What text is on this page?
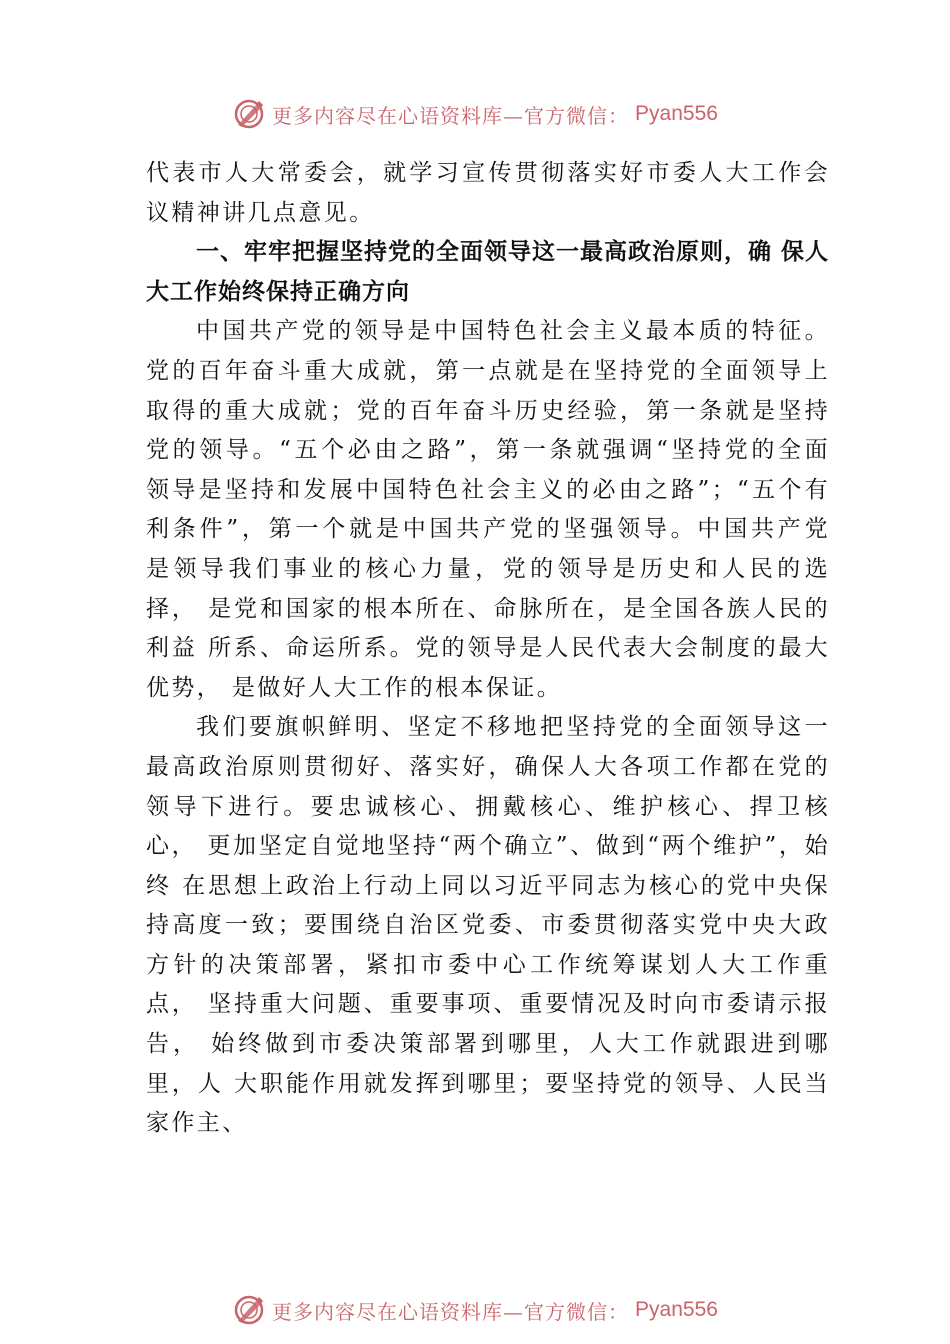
更多内容尽在心语资料库—官方微信： Pyan556

代表市人大常委会，就学习宣传贯彻落实好市委人大工作会议精神讲几点意见。

一、牢牢把握坚持党的全面领导这一最高政治原则，确 保人大工作始终保持正确方向

中国共产党的领导是中国特色社会主义最本质的特征。党的百年奋斗重大成就，第一点就是在坚持党的全面领导上取得的重大成就；党的百年奋斗历史经验，第一条就是坚持党的领导。“五个必由之路”，第一条就强调“坚持党的全面 领导是坚持和发展中国特色社会主义的必由之路”；“五个有 利条件”，第一个就是中国共产党的坚强领导。中国共产党 是领导我们事业的核心力量，党的领导是历史和人民的选择， 是党和国家的根本所在、命脉所在，是全国各族人民的利益 所系、命运所系。党的领导是人民代表大会制度的最大优势， 是做好人大工作的根本保证。

我们要旗帜鲜明、坚定不移地把坚持党的全面领导这一最高政治原则贯彻好、落实好，确保人大各项工作都在党的领导下进行。要忠诚核心、拥戴核心、维护核心、捍卫核心， 更加坚定自觉地坚持“两个确立”、做到“两个维护”，始终 在思想上政治上行动上同以习近平同志为核心的党中央保 持高度一致；要围绕自治区党委、市委贯彻落实党中央大政 方针的决策部署，紧扣市委中心工作统筹谋划人大工作重点， 坚持重大问题、重要事项、重要情况及时向市委请示报告， 始终做到市委决策部署到哪里，人大工作就跟进到哪里，人 大职能作用就发挥到哪里；要坚持党的领导、人民当家作主、

更多内容尽在心语资料库—官方微信： Pyan556
